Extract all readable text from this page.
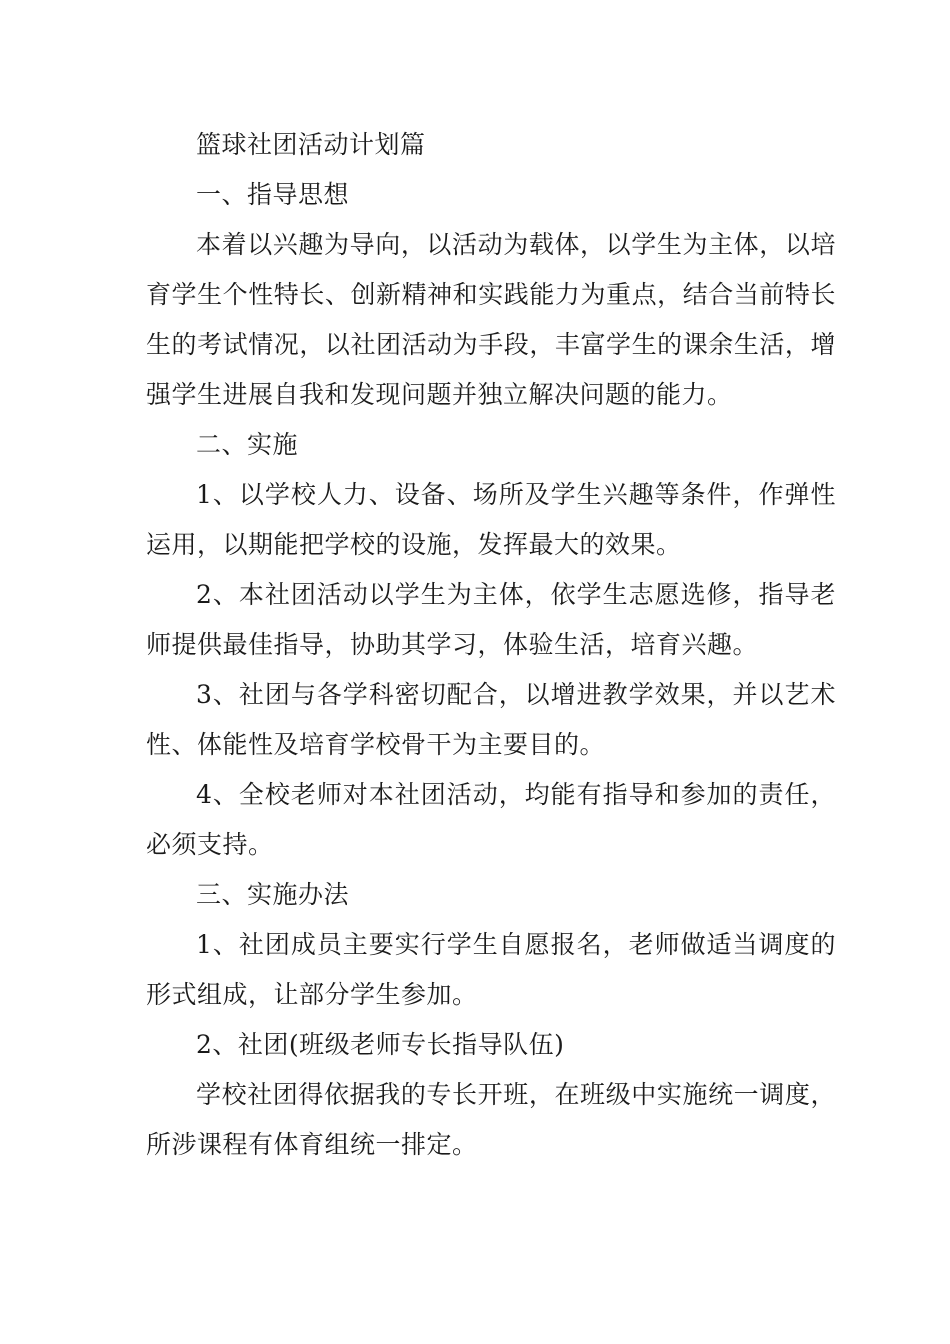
篮球社团活动计划篇

一、指导思想

本着以兴趣为导向，以活动为载体，以学生为主体，以培育学生个性特长、创新精神和实践能力为重点，结合当前特长生的考试情况，以社团活动为手段，丰富学生的课余生活，增强学生进展自我和发现问题并独立解决问题的能力。

二、实施

1、以学校人力、设备、场所及学生兴趣等条件，作弹性运用，以期能把学校的设施，发挥最大的效果。

2、本社团活动以学生为主体，依学生志愿选修，指导老师提供最佳指导，协助其学习，体验生活，培育兴趣。

3、社团与各学科密切配合，以增进教学效果，并以艺术性、体能性及培育学校骨干为主要目的。

4、全校老师对本社团活动，均能有指导和参加的责任，必须支持。

三、实施办法

1、社团成员主要实行学生自愿报名，老师做适当调度的形式组成，让部分学生参加。

2、社团(班级老师专长指导队伍)

学校社团得依据我的专长开班，在班级中实施统一调度，所涉课程有体育组统一排定。
